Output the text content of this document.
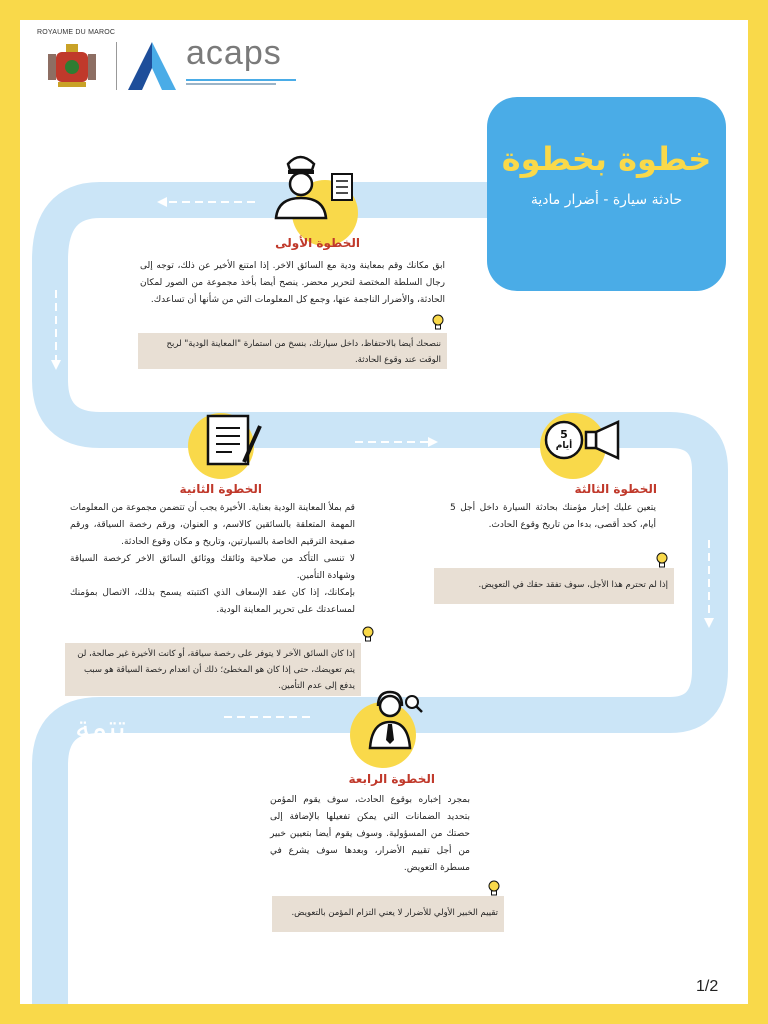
ROYAUME DU MAROC
acaps
خطوة بخطوة
حادثة سيارة - أضرار مادية
الخطوة الأولى
ابق مكانك وقم بمعاينة ودية مع السائق الاخر. إذا امتنع الأخير عن ذلك، توجه إلى رجال السلطة المختصة لتحرير محضر. ينصح أيضا بأخذ مجموعة من الصور لمكان الحادثة، والأضرار الناجمة عنها، وجمع كل المعلومات التي من شأنها أن تساعدك.
ننصحك أيضا بالاحتفاظ، داخل سيارتك، بنسخ من استمارة "المعاينة الودية" لربح الوقت عند وقوع الحادثة.
الخطوة الثانية
قم بملأ المعاينة الودية بعناية. الأخيرة يجب أن تتضمن مجموعة من المعلومات المهمة المتعلقة بالسائقين كالاسم، و العنوان، ورقم رخصة السياقة، ورقم صفيحة الترقيم الخاصة بالسيارتين، وتاريخ و مكان وقوع الحادثة.
لا تنسى التأكد من صلاحية وثائقك ووثائق السائق الاخر كرخصة السياقة وشهادة التأمين.
بإمكانك، إذا كان عقد الإسعاف الذي اكتتبته يسمح بذلك، الاتصال بمؤمنك لمساعدتك على تحرير المعاينة الودية.
إذا كان السائق الآخر لا يتوفر على رخصة سياقة، أو كانت الأخيرة غير صالحة، لن يتم تعويضك، حتى إذا كان هو المخطئ؛ ذلك أن انعدام رخصة السياقة هو سبب يدفع إلى عدم التأمين.
5
أيام
الخطوة الثالثة
يتعين عليك إخبار مؤمنك بحادثة السيارة داخل أجل 5 أيام، كحد أقصى، بدءا من تاريخ وقوع الحادث.
إذا لم تحترم هذا الأجل، سوف تفقد حقك في التعويض.
تتمة
الخطوة الرابعة
بمجرد إخباره بوقوع الحادث، سوف يقوم المؤمن بتحديد الضمانات التي يمكن تفعيلها بالإضافة إلى حصتك من المسؤولية. وسوف يقوم أيضا بتعيين خبير من أجل تقييم الأضرار، وبعدها سوف يشرع في مسطرة التعويض.
تقييم الخبير الأولي للأضرار لا يعني التزام المؤمن بالتعويض.
1/2
